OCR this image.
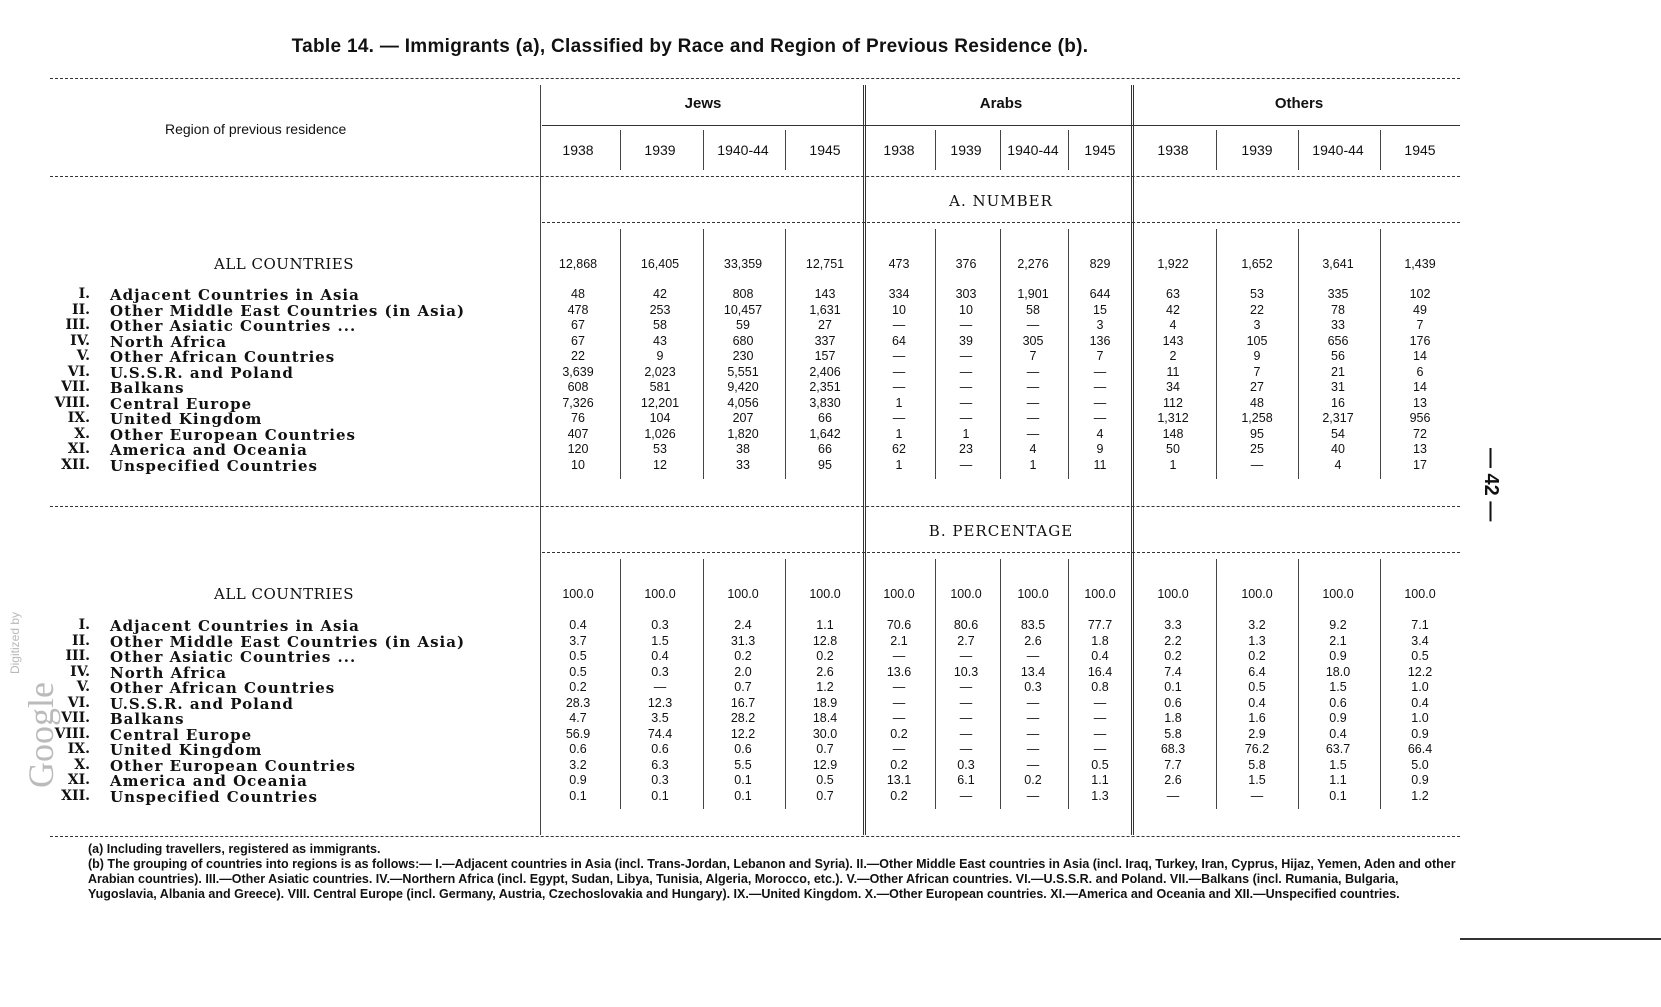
Table 14. — Immigrants (a), Classified by Race and Region of Previous Residence (b).
Region of previous residence
Jews	Arabs	Others
1938	1939	1940-44	1945	1938	1939	1940-44	1945	1938	1939	1940-44	1945
A. NUMBER
ALL COUNTRIES	12,868	16,405	33,359	12,751	473	376	2,276	829	1,922	1,652	3,641	1,439
I. Adjacent Countries in Asia	48	42	808	143	334	303	1,901	644	63	53	335	102
II. Other Middle East Countries (in Asia)	478	253	10,457	1,631	10	10	58	15	42	22	78	49
III. Other Asiatic Countries ...	67	58	59	27	—	—	—	3	4	3	33	7
IV. North Africa	67	43	680	337	64	39	305	136	143	105	656	176
V. Other African Countries	22	9	230	157	—	—	7	7	2	9	56	14
VI. U.S.S.R. and Poland	3,639	2,023	5,551	2,406	—	—	—	—	11	7	21	6
VII. Balkans	608	581	9,420	2,351	—	—	—	—	34	27	31	14
VIII. Central Europe	7,326	12,201	4,056	3,830	1	—	—	—	112	48	16	13
IX. United Kingdom	76	104	207	66	—	—	—	—	1,312	1,258	2,317	956
X. Other European Countries	407	1,026	1,820	1,642	1	1	—	4	148	95	54	72
XI. America and Oceania	120	53	38	66	62	23	4	9	50	25	40	13
XII. Unspecified Countries	10	12	33	95	1	—	1	11	1	—	4	17
B. PERCENTAGE
ALL COUNTRIES	100.0	100.0	100.0	100.0	100.0	100.0	100.0	100.0	100.0	100.0	100.0	100.0
I. Adjacent Countries in Asia	0.4	0.3	2.4	1.1	70.6	80.6	83.5	77.7	3.3	3.2	9.2	7.1
II. Other Middle East Countries (in Asia)	3.7	1.5	31.3	12.8	2.1	2.7	2.6	1.8	2.2	1.3	2.1	3.4
III. Other Asiatic Countries ...	0.5	0.4	0.2	0.2	—	—	—	0.4	0.2	0.2	0.9	0.5
IV. North Africa	0.5	0.3	2.0	2.6	13.6	10.3	13.4	16.4	7.4	6.4	18.0	12.2
V. Other African Countries	0.2	—	0.7	1.2	—	—	0.3	0.8	0.1	0.5	1.5	1.0
VI. U.S.S.R. and Poland	28.3	12.3	16.7	18.9	—	—	—	—	0.6	0.4	0.6	0.4
VII. Balkans	4.7	3.5	28.2	18.4	—	—	—	—	1.8	1.6	0.9	1.0
VIII. Central Europe	56.9	74.4	12.2	30.0	0.2	—	—	—	5.8	2.9	0.4	0.9
IX. United Kingdom	0.6	0.6	0.6	0.7	—	—	—	—	68.3	76.2	63.7	66.4
X. Other European Countries	3.2	6.3	5.5	12.9	0.2	0.3	—	0.5	7.7	5.8	1.5	5.0
XI. America and Oceania	0.9	0.3	0.1	0.5	13.1	6.1	0.2	1.1	2.6	1.5	1.1	0.9
XII. Unspecified Countries	0.1	0.1	0.1	0.7	0.2	—	—	1.3	—	—	0.1	1.2
(a) Including travellers, registered as immigrants.
(b) The grouping of countries into regions is as follows:— I.—Adjacent countries in Asia (incl. Trans-Jordan, Lebanon and Syria). II.—Other Middle East countries in Asia (incl. Iraq, Turkey, Iran, Cyprus, Hijaz, Yemen, Aden and other Arabian countries). III.—Other Asiatic countries. IV.—Northern Africa (incl. Egypt, Sudan, Libya, Tunisia, Algeria, Morocco, etc.). V.—Other African countries. VI.—U.S.S.R. and Poland. VII.—Balkans (incl. Rumania, Bulgaria, Yugoslavia, Albania and Greece). VIII. Central Europe (incl. Germany, Austria, Czechoslovakia and Hungary). IX.—United Kingdom. X.—Other European countries. XI.—America and Oceania and XII.—Unspecified countries.
— 42 —
Digitized by
Google
